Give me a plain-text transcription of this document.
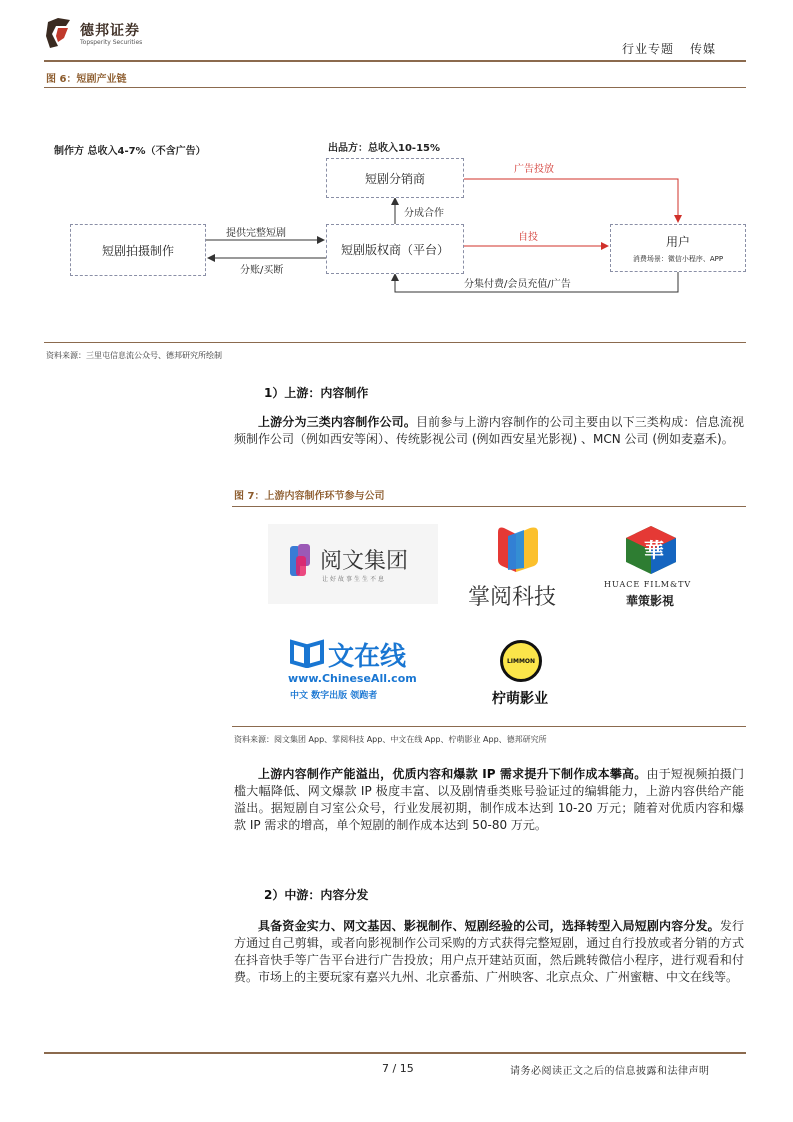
德邦证券
Topsperity Securities	行业专题 传媒
图 6：短剧产业链
制作方 总收入4-7%（不含广告）	出品方：总收入10-15%
短剧分销商
短剧拍摄制作	短剧版权商（平台）
用户
消费场景：微信小程序、APP
提供完整短剧
分账/买断
分成合作
广告投放
自投
分集付费/会员充值/广告
资料来源：三里屯信息流公众号、德邦研究所绘制
1）上游：内容制作

上游分为三类内容制作公司。目前参与上游内容制作的公司主要由以下三类构成：信息流视频制作公司（例如西安等闲）、传统影视公司 (例如西安星光影视) 、MCN 公司 (例如麦嘉禾)。

图 7：上游内容制作环节参与公司
阅文集团
让好故事生生不息
掌阅科技
華
HUACE FILM&TV
華策影視
文在线
www.ChineseAll.com
中文 数字出版 领跑者
LIMMON
柠萌影业
资料来源：阅文集团 App、掌阅科技 App、中文在线 App、柠萌影业 App、德邦研究所

上游内容制作产能溢出，优质内容和爆款 IP 需求提升下制作成本攀高。由于短视频拍摄门槛大幅降低、网文爆款 IP 极度丰富、以及剧情垂类账号验证过的编辑能力，上游内容供给产能溢出。据短剧自习室公众号，行业发展初期，制作成本达到 10-20 万元；随着对优质内容和爆款 IP 需求的增高，单个短剧的制作成本达到 50-80 万元。

2）中游：内容分发

具备资金实力、网文基因、影视制作、短剧经验的公司，选择转型入局短剧内容分发。发行方通过自己剪辑，或者向影视制作公司采购的方式获得完整短剧，通过自行投放或者分销的方式在抖音快手等广告平台进行广告投放；用户点开建站页面，然后跳转微信小程序，进行观看和付费。市场上的主要玩家有嘉兴九州、北京番茄、广州映客、北京点众、广州蜜糖、中文在线等。

7 / 15	请务必阅读正文之后的信息披露和法律声明
